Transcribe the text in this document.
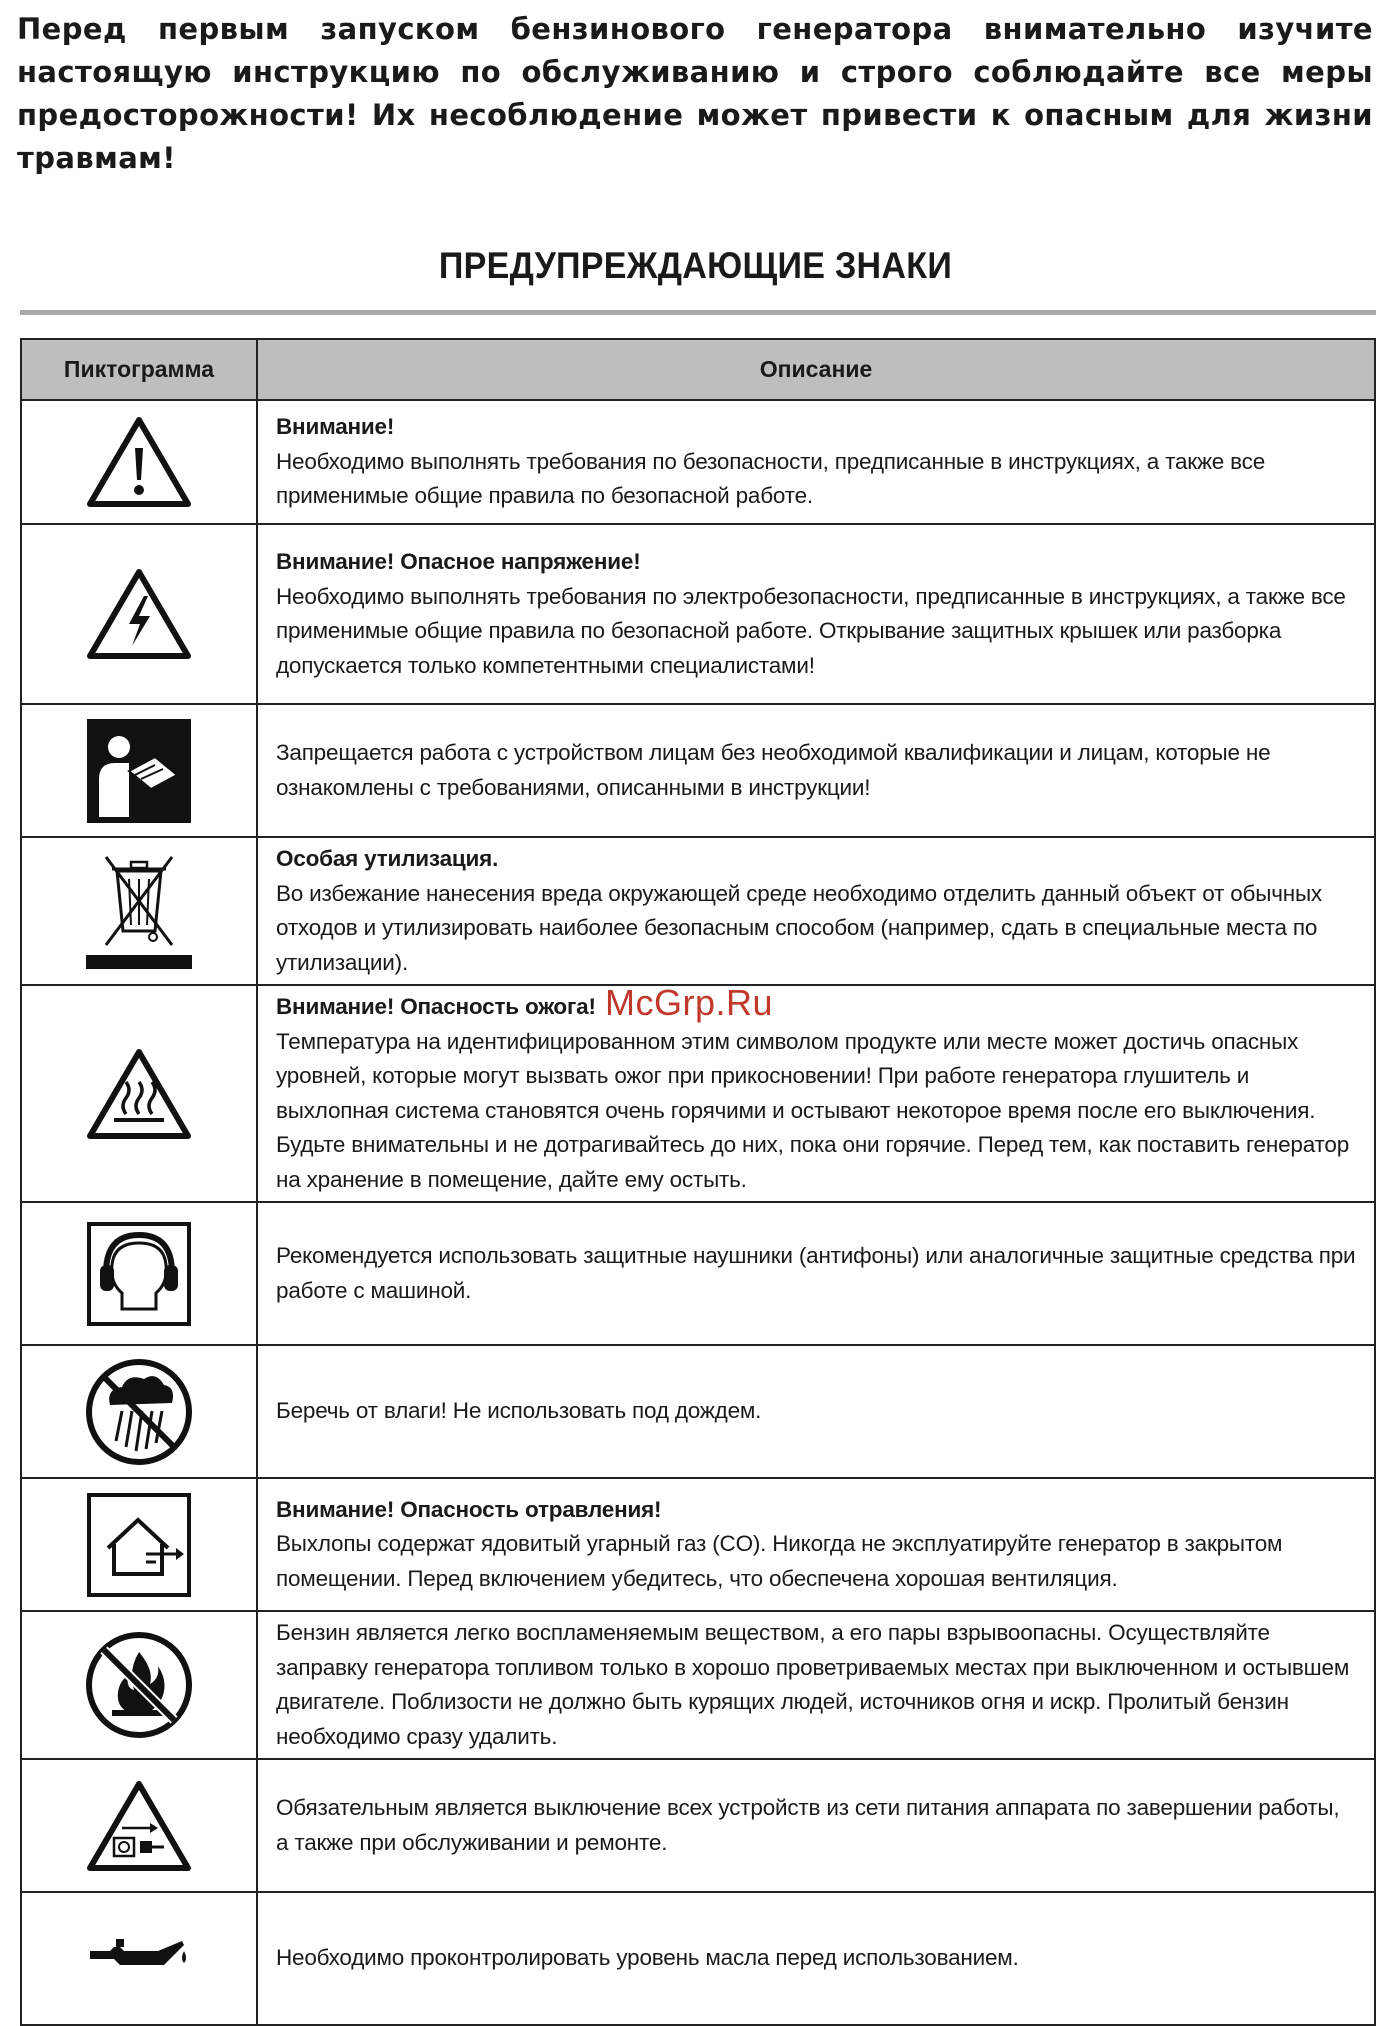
Перед первым запуском бензинового генератора внимательно изучите настоящую инструкцию по обслуживанию и строго соблюдайте все меры предосторожности! Их несоблюдение может привести к опасным для жизни травмам!

ПРЕДУПРЕЖДАЮЩИЕ ЗНАКИ
Пиктограмма	Описание

Внимание!
Необходимо выполнять требования по безопасности, предписанные в инструкциях, а также все применимые общие правила по безопасной работе.

Внимание! Опасное напряжение!
Необходимо выполнять требования по электробезопасности, предписанные в инструкциях, а также все применимые общие правила по безопасной работе. Открывание защитных крышек или разборка допускается только компетентными специалистами!

Запрещается работа с устройством лицам без необходимой квалификации и лицам, которые не ознакомлены с требованиями, описанными в инструкции!

Особая утилизация.
Во избежание нанесения вреда окружающей среде необходимо отделить данный объект от обычных отходов и утилизировать наиболее безопасным способом (например, сдать в специальные места по утилизации).

Внимание! Опасность ожога!
Температура на идентифицированном этим символом продукте или месте может достичь опасных уровней, которые могут вызвать ожог при прикосновении! При работе генератора глушитель и выхлопная система становятся очень горячими и остывают некоторое время после его выключения. Будьте внимательны и не дотрагивайтесь до них, пока они горячие. Перед тем, как поставить генератор на хранение в помещение, дайте ему остыть.

Рекомендуется использовать защитные наушники (антифоны) или аналогичные защитные средства при работе с машиной.

Беречь от влаги! Не использовать под дождем.

Внимание! Опасность отравления!
Выхлопы содержат ядовитый угарный газ (CO). Никогда не эксплуатируйте генератор в закрытом помещении. Перед включением убедитесь, что обеспечена хорошая вентиляция.

Бензин является легко воспламеняемым веществом, а его пары взрывоопасны. Осуществляйте заправку генератора топливом только в хорошо проветриваемых местах при выключенном и остывшем двигателе. Поблизости не должно быть курящих людей, источников огня и искр. Пролитый бензин необходимо сразу удалить.

Обязательным является выключение всех устройств из сети питания аппарата по завершении работы, а также при обслуживании и ремонте.

Необходимо проконтролировать уровень масла перед использованием.
McGrp.Ru
